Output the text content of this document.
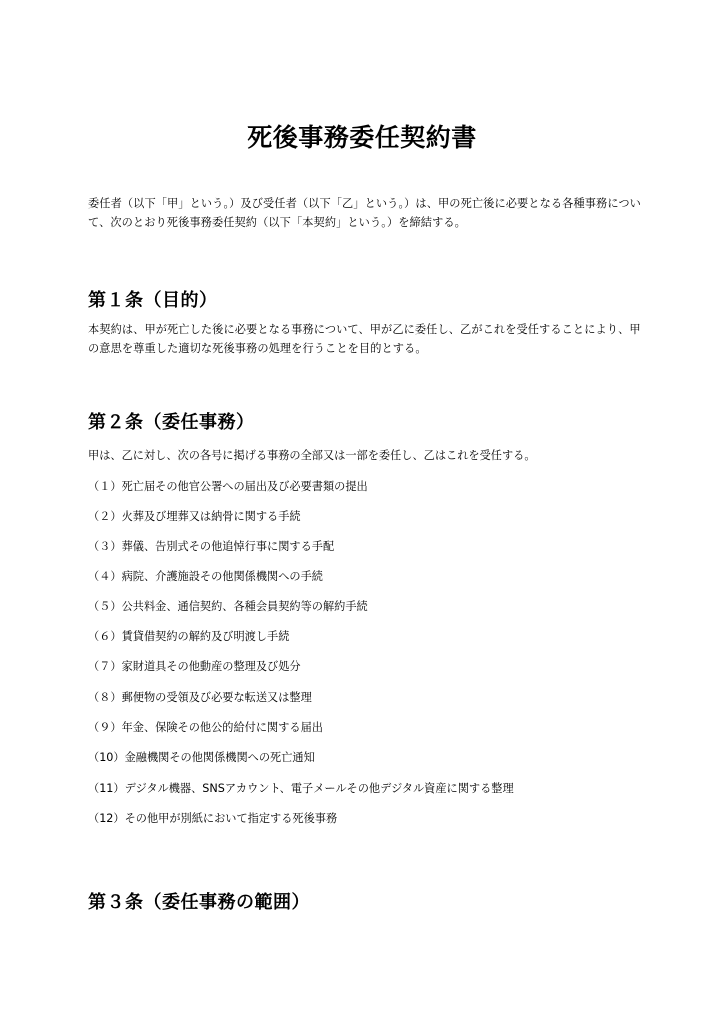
死後事務委任契約書
委任者（以下「甲」という。）及び受任者（以下「乙」という。）は、甲の死亡後に必要となる各種事務について、次のとおり死後事務委任契約（以下「本契約」という。）を締結する。
第１条（目的）
本契約は、甲が死亡した後に必要となる事務について、甲が乙に委任し、乙がこれを受任することにより、甲の意思を尊重した適切な死後事務の処理を行うことを目的とする。
第２条（委任事務）
甲は、乙に対し、次の各号に掲げる事務の全部又は一部を委任し、乙はこれを受任する。
（１）死亡届その他官公署への届出及び必要書類の提出
（２）火葬及び埋葬又は納骨に関する手続
（３）葬儀、告別式その他追悼行事に関する手配
（４）病院、介護施設その他関係機関への手続
（５）公共料金、通信契約、各種会員契約等の解約手続
（６）賃貸借契約の解約及び明渡し手続
（７）家財道具その他動産の整理及び処分
（８）郵便物の受領及び必要な転送又は整理
（９）年金、保険その他公的給付に関する届出
（10）金融機関その他関係機関への死亡通知
（11）デジタル機器、SNSアカウント、電子メールその他デジタル資産に関する整理
（12）その他甲が別紙において指定する死後事務
第３条（委任事務の範囲）
